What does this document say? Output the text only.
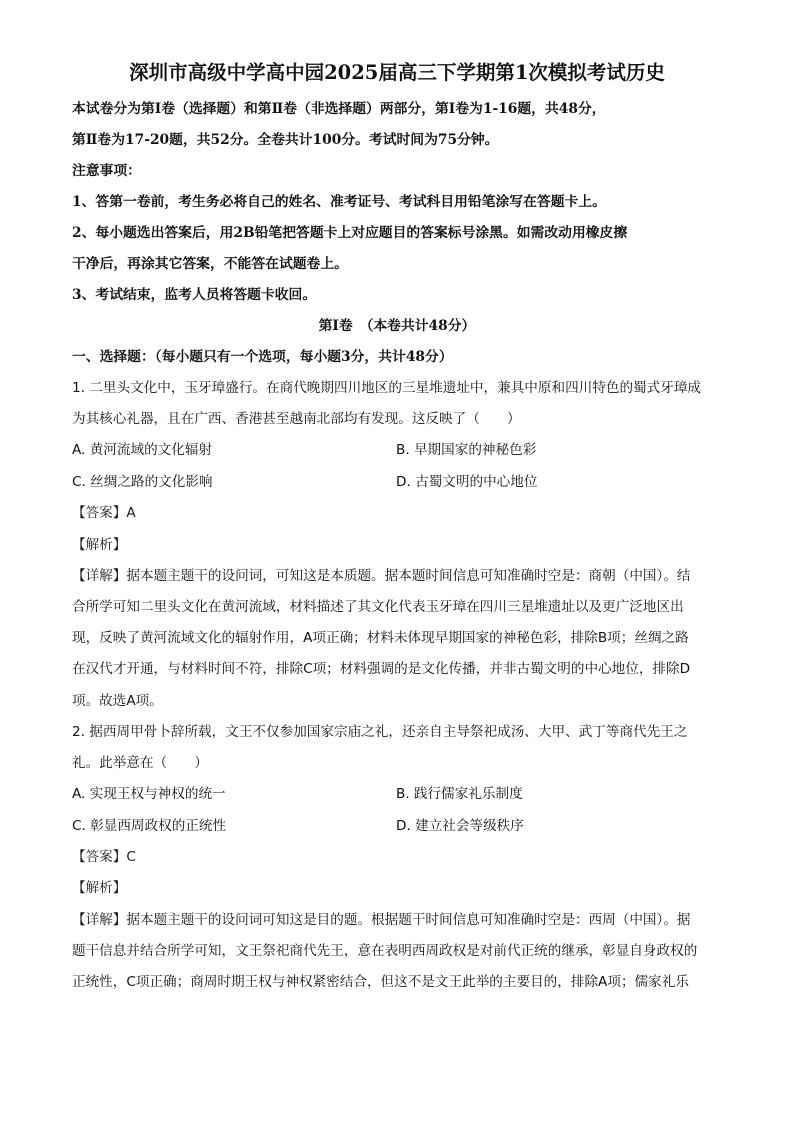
深圳市高级中学高中园2025届高三下学期第1次模拟考试历史
本试卷分为第Ⅰ卷（选择题）和第Ⅱ卷（非选择题）两部分，第Ⅰ卷为1-16题，共48分，
第Ⅱ卷为17-20题，共52分。全卷共计100分。考试时间为75分钟。
注意事项：
1、答第一卷前，考生务必将自己的姓名、准考证号、考试科目用铅笔涂写在答题卡上。
2、每小题选出答案后，用2B铅笔把答题卡上对应题目的答案标号涂黑。如需改动用橡皮擦
干净后，再涂其它答案，不能答在试题卷上。
3、考试结束，监考人员将答题卡收回。
第Ⅰ卷　（本卷共计48分）
一、选择题：（每小题只有一个选项，每小题3分，共计48分）
1. 二里头文化中，玉牙璋盛行。在商代晚期四川地区的三星堆遗址中，兼具中原和四川特色的蜀式牙璋成
为其核心礼器，且在广西、香港甚至越南北部均有发现。这反映了（　　）
A. 黄河流域的文化辐射	B. 早期国家的神秘色彩
C. 丝绸之路的文化影响	D. 古蜀文明的中心地位
【答案】A
【解析】
【详解】据本题主题干的设问词，可知这是本质题。据本题时间信息可知准确时空是：商朝（中国）。结
合所学可知二里头文化在黄河流域，材料描述了其文化代表玉牙璋在四川三星堆遗址以及更广泛地区出
现，反映了黄河流域文化的辐射作用，A项正确；材料未体现早期国家的神秘色彩，排除B项；丝绸之路
在汉代才开通，与材料时间不符，排除C项；材料强调的是文化传播，并非古蜀文明的中心地位，排除D
项。故选A项。
2. 据西周甲骨卜辞所载，文王不仅参加国家宗庙之礼，还亲自主导祭祀成汤、大甲、武丁等商代先王之
礼。此举意在（　　）
A. 实现王权与神权的统一	B. 践行儒家礼乐制度
C. 彰显西周政权的正统性	D. 建立社会等级秩序
【答案】C
【解析】
【详解】据本题主题干的设问词可知这是目的题。根据题干时间信息可知准确时空是：西周（中国）。据
题干信息并结合所学可知，文王祭祀商代先王，意在表明西周政权是对前代正统的继承，彰显自身政权的
正统性，C项正确；商周时期王权与神权紧密结合，但这不是文王此举的主要目的，排除A项；儒家礼乐
